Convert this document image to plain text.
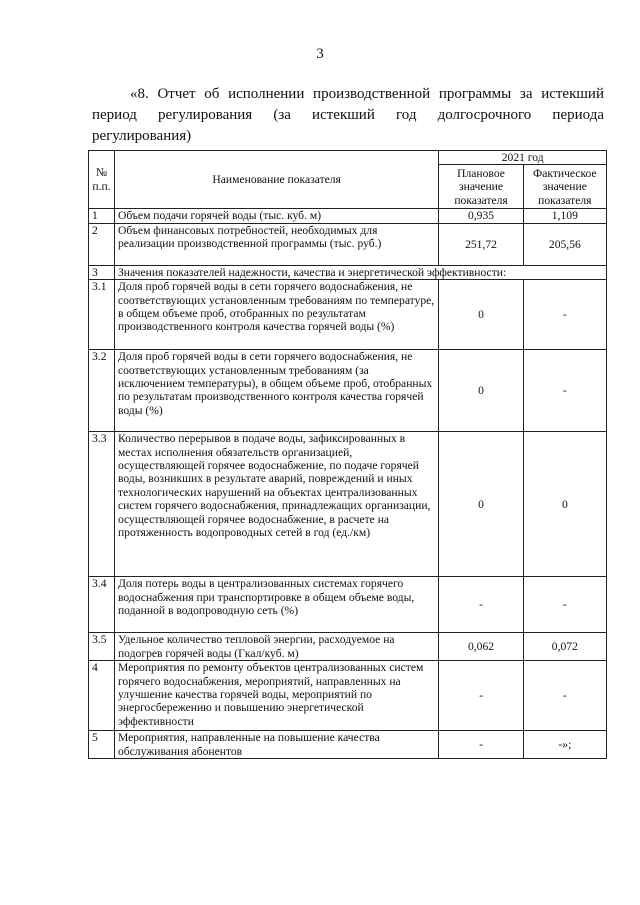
3
«8. Отчет об исполнении производственной программы за истекший
период регулирования (за истекший год долгосрочного периода
регулирования)
№ п.п.	Наименование показателя	2021 год	
		Плановое значение показателя	Фактическое значение показателя
1	Объем подачи горячей воды (тыс. куб. м)	0,935	1,109
2	Объем финансовых потребностей, необходимых для реализации производственной программы (тыс. руб.)	251,72	205,56
3	Значения показателей надежности, качества и энергетической эффективности:		
3.1	Доля проб горячей воды в сети горячего водоснабжения, не соответствующих установленным требованиям по температуре, в общем объеме проб, отобранных по результатам производственного контроля качества горячей воды (%)	0	-
3.2	Доля проб горячей воды в сети горячего водоснабжения, не соответствующих установленным требованиям (за исключением температуры), в общем объеме проб, отобранных по результатам производственного контроля качества горячей воды (%)	0	-
3.3	Количество перерывов в подаче воды, зафиксированных в местах исполнения обязательств организацией, осуществляющей горячее водоснабжение, по подаче горячей воды, возникших в результате аварий, повреждений и иных технологических нарушений на объектах централизованных систем горячего водоснабжения, принадлежащих организации, осуществляющей горячее водоснабжение, в расчете на протяженность водопроводных сетей в год (ед./км)	0	0
3.4	Доля потерь воды в централизованных системах горячего водоснабжения при транспортировке в общем объеме воды, поданной в водопроводную сеть (%)	-	-
3.5	Удельное количество тепловой энергии, расходуемое на подогрев горячей воды (Гкал/куб. м)	0,062	0,072
4	Мероприятия по ремонту объектов централизованных систем горячего водоснабжения, мероприятий, направленных на улучшение качества горячей воды, мероприятий по энергосбережению и повышению энергетической эффективности	-	-
5	Мероприятия, направленные на повышение качества обслуживания абонентов	-	-»;
